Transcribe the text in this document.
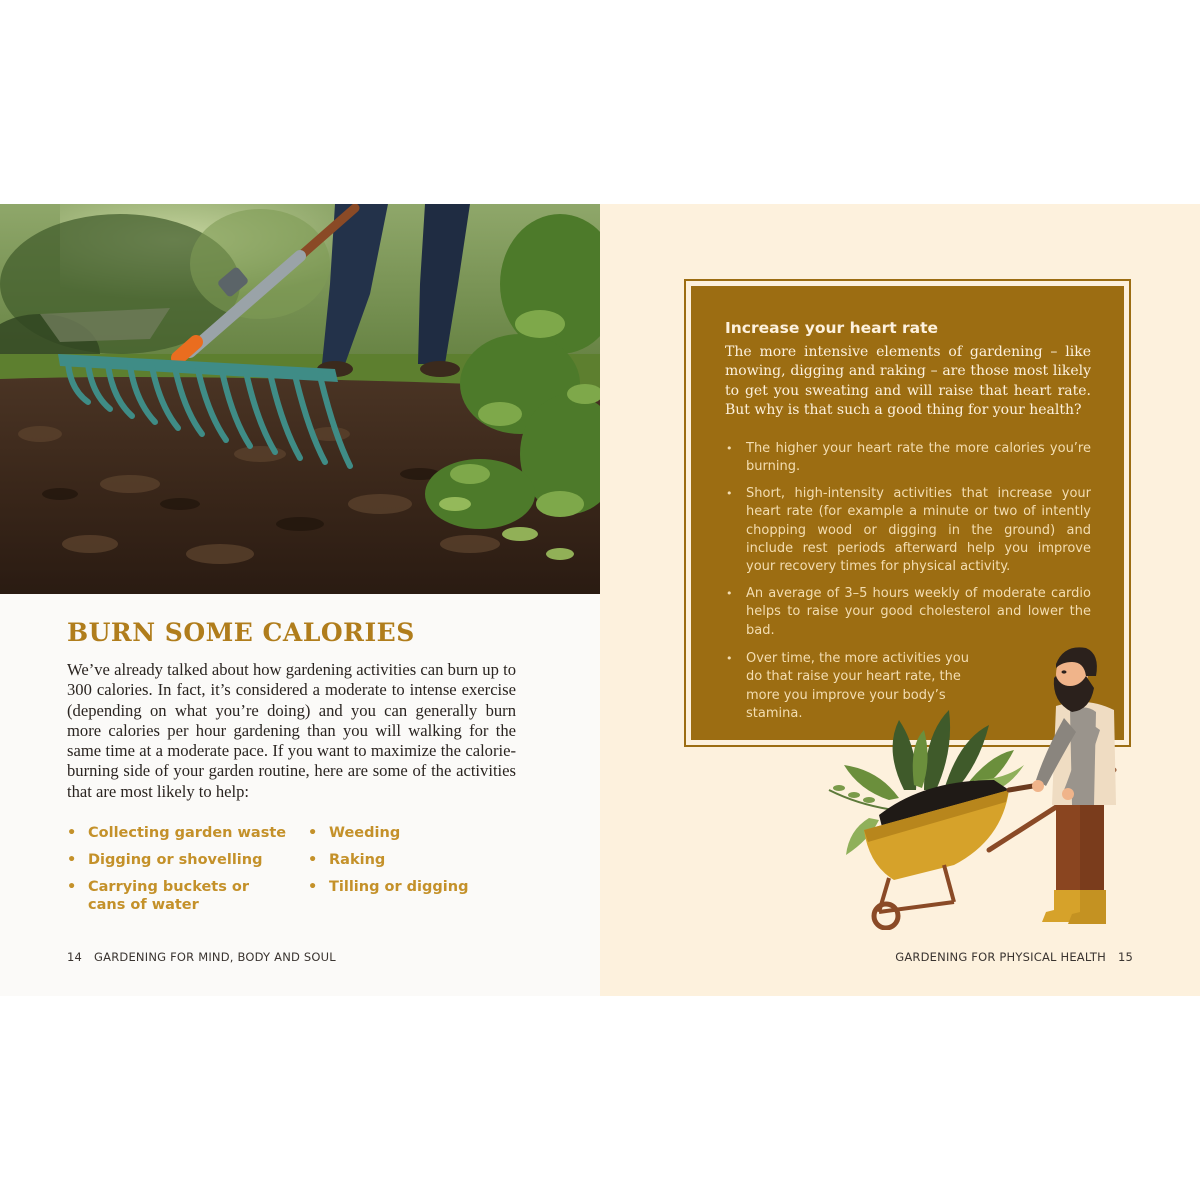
BURN SOME CALORIES

We’ve already talked about how gardening activities can burn up to 300 calories. In fact, it’s considered a moderate to intense exercise (depending on what you’re doing) and you can generally burn more calories per hour gardening than you will walking for the same time at a moderate pace. If you want to maximize the calorie-burning side of your garden routine, here are some of the activities that are most likely to help:

• Collecting garden waste
• Digging or shovelling
• Carrying buckets or cans of water
• Weeding
• Raking
• Tilling or digging
14 GARDENING FOR MIND, BODY AND SOUL
Increase your heart rate

The more intensive elements of gardening – like mowing, digging and raking – are those most likely to get you sweating and will raise that heart rate. But why is that such a good thing for your health?

• The higher your heart rate the more calories you’re burning.
• Short, high-intensity activities that increase your heart rate (for example a minute or two of intently chopping wood or digging in the ground) and include rest periods afterward help you improve your recovery times for physical activity.
• An average of 3–5 hours weekly of moderate cardio helps to raise your good cholesterol and lower the bad.
• Over time, the more activities you do that raise your heart rate, the more you improve your body’s stamina.
GARDENING FOR PHYSICAL HEALTH 15
